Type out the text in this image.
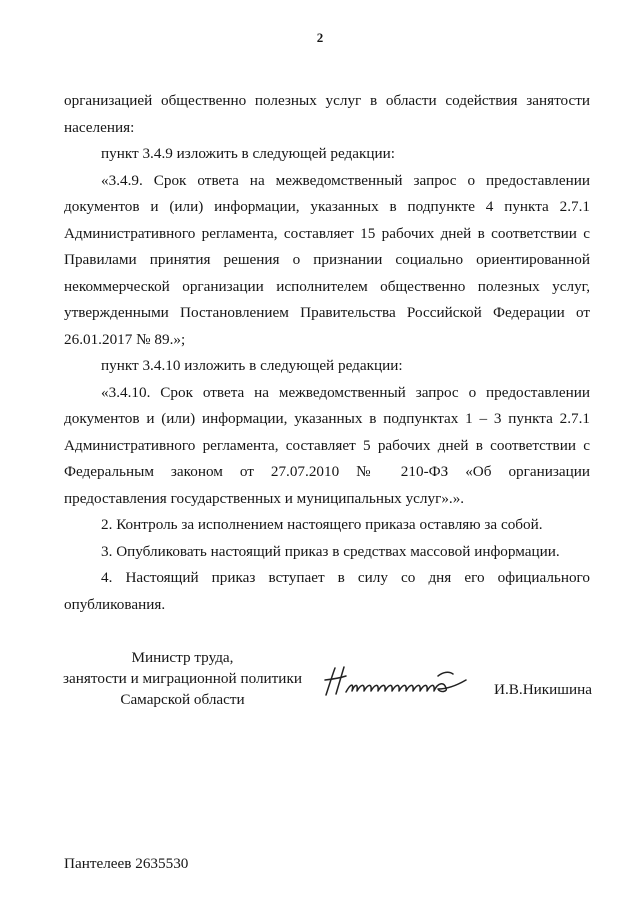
2

организацией общественно полезных услуг в области содействия занятости населения:

пункт 3.4.9 изложить в следующей редакции:

«3.4.9. Срок ответа на межведомственный запрос о предоставлении документов и (или) информации, указанных в подпункте 4 пункта 2.7.1 Административного регламента, составляет 15 рабочих дней в соответствии с Правилами принятия решения о признании социально ориентированной некоммерческой организации исполнителем общественно полезных услуг, утвержденными Постановлением Правительства Российской Федерации от 26.01.2017 № 89.»;

пункт 3.4.10 изложить в следующей редакции:

«3.4.10. Срок ответа на межведомственный запрос о предоставлении документов и (или) информации, указанных в подпунктах 1 – 3 пункта 2.7.1 Административного регламента, составляет 5 рабочих дней в соответствии с Федеральным законом от 27.07.2010 № 210-ФЗ «Об организации предоставления государственных и муниципальных услуг».».

2. Контроль за исполнением настоящего приказа оставляю за собой.

3. Опубликовать настоящий приказ в средствах массовой информации.

4. Настоящий приказ вступает в силу со дня его официального опубликования.

Министр труда,
занятости и миграционной политики
Самарской области
И.В.Никишина
Пантелеев 2635530
